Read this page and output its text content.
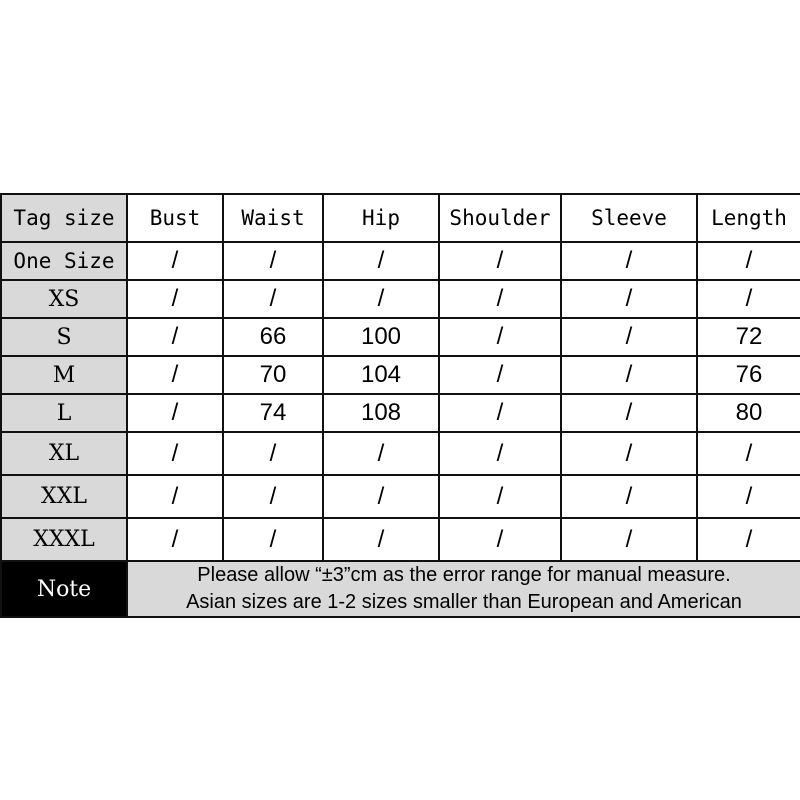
Tag size	Bust	Waist	Hip	Shoulder	Sleeve	Length
One Size	/	/	/	/	/	/
XS	/	/	/	/	/	/
S	/	66	100	/	/	72
M	/	70	104	/	/	76
L	/	74	108	/	/	80
XL	/	/	/	/	/	/
XXL	/	/	/	/	/	/
XXXL	/	/	/	/	/	/
Note	Please allow “±3”cm as the error range for manual measure.
Asian sizes are 1-2 sizes smaller than European and American					
